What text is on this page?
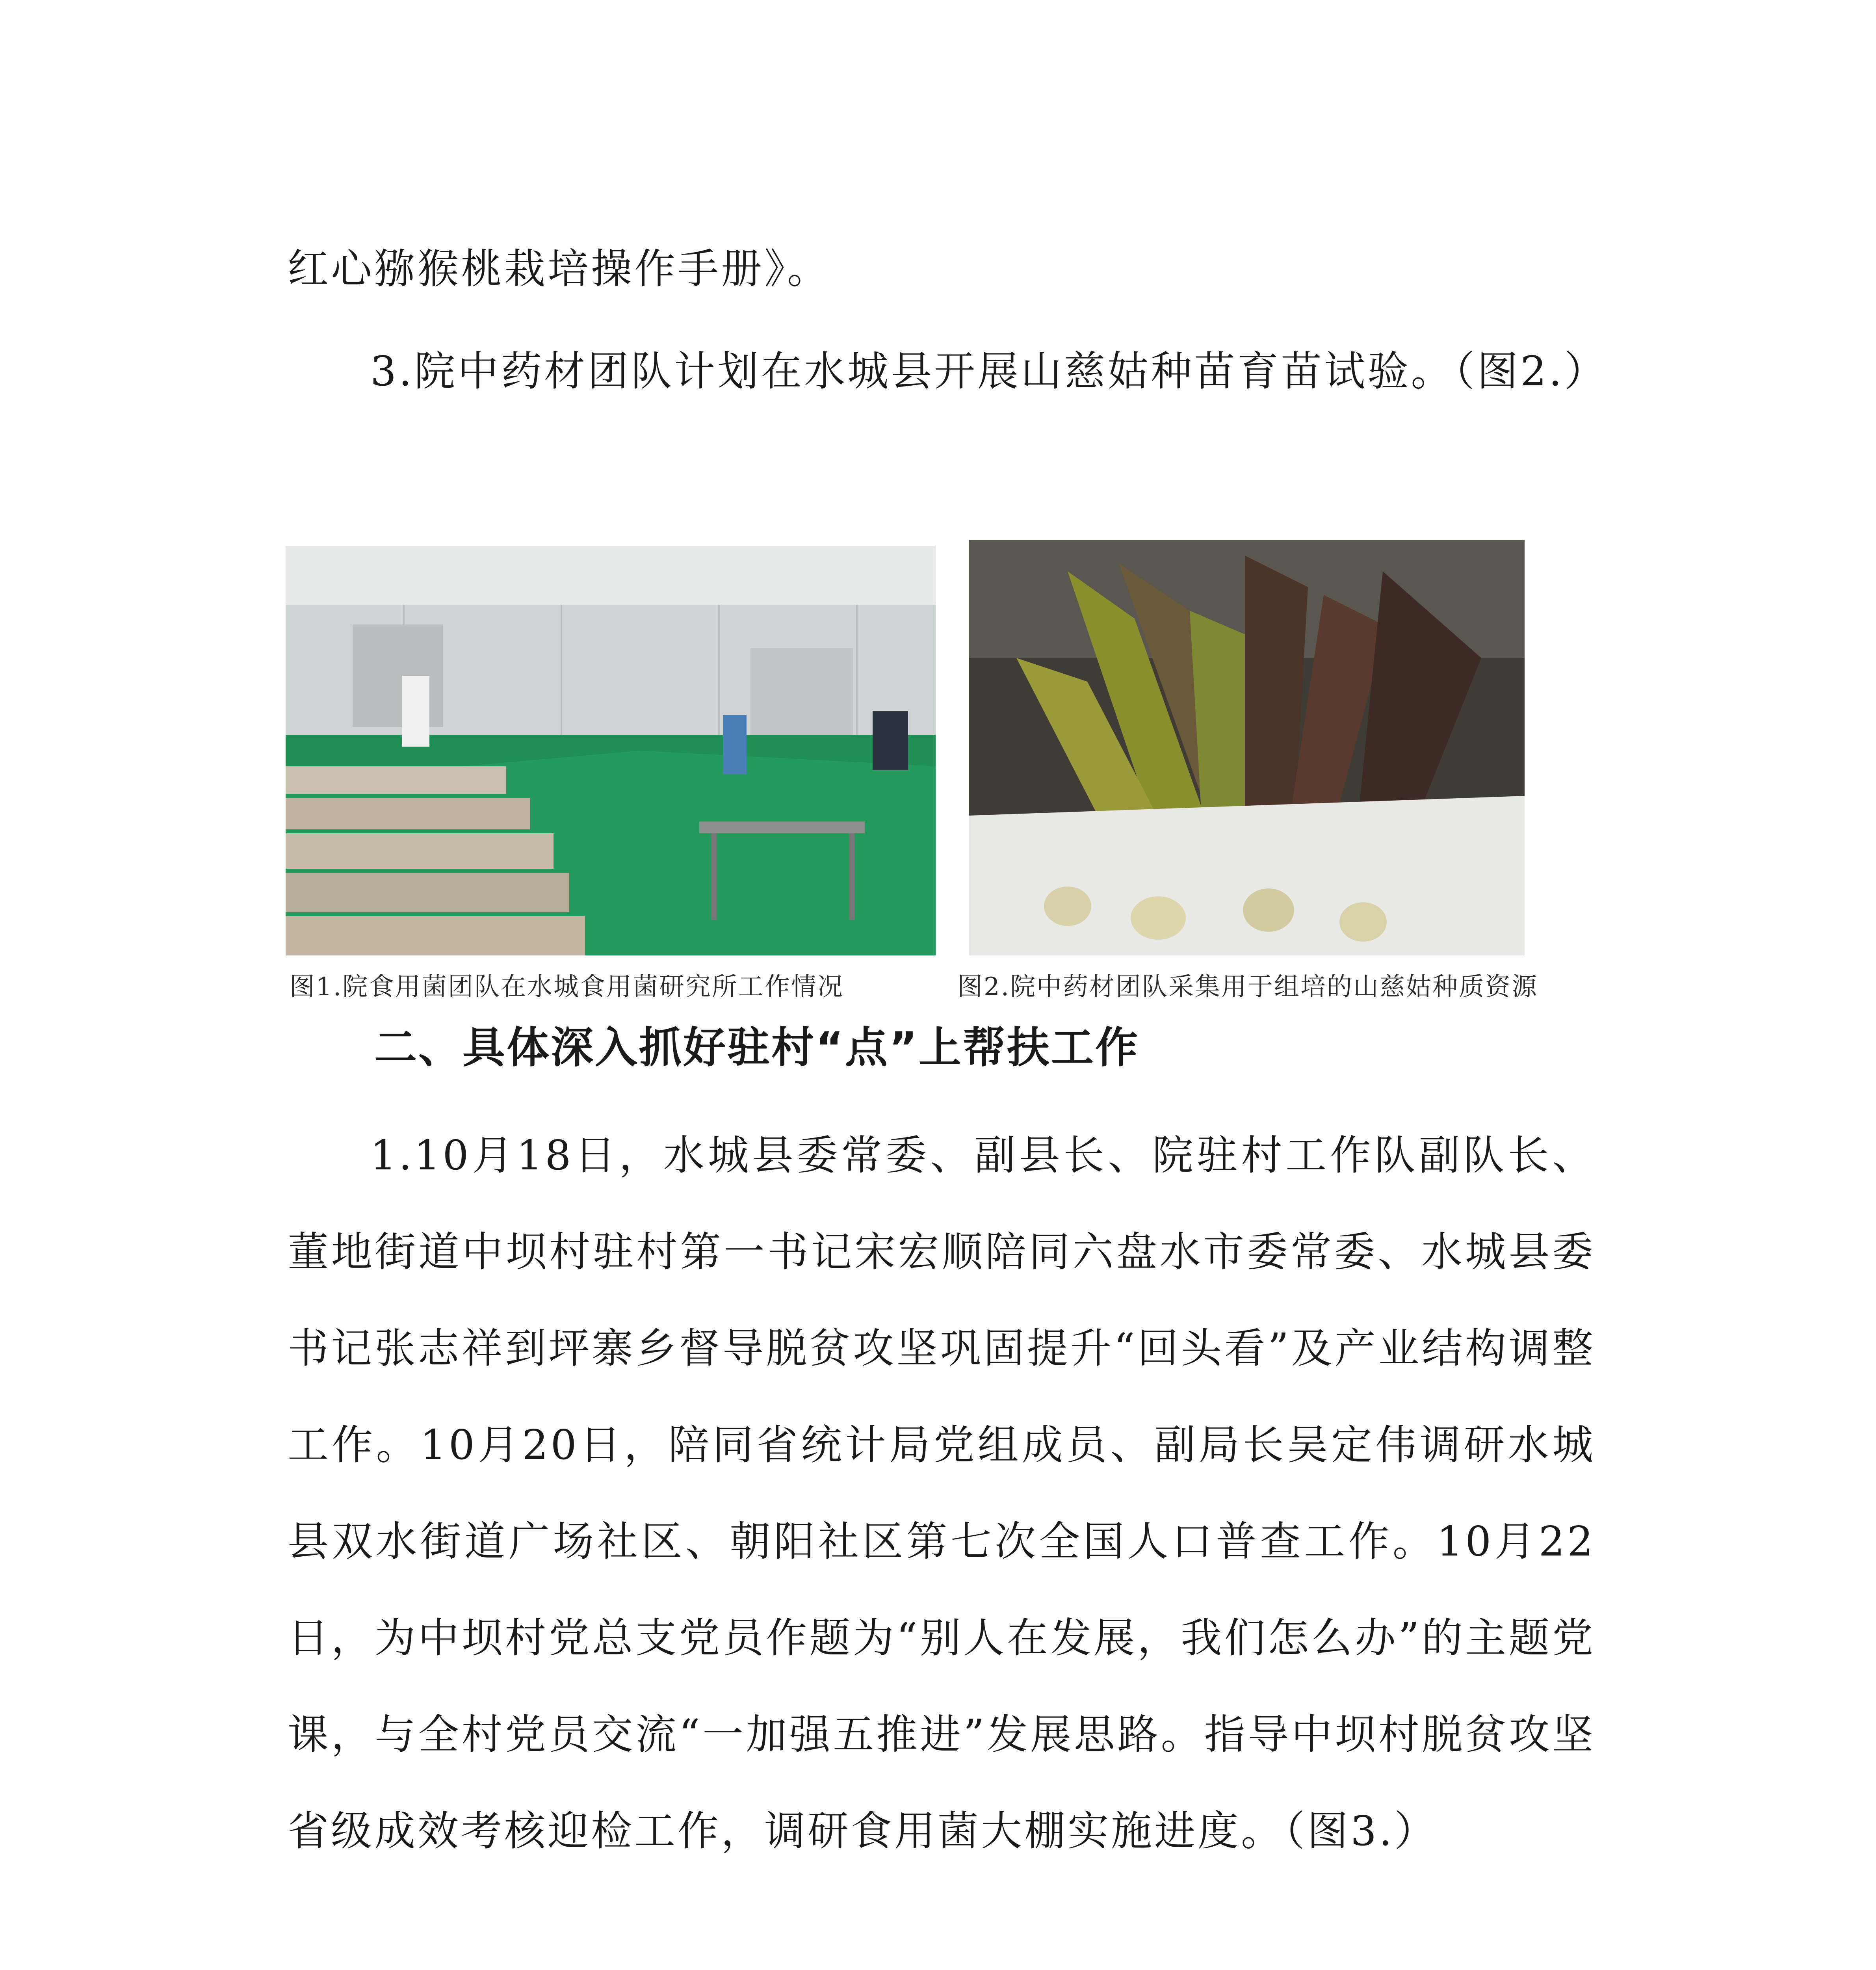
红心猕猴桃栽培操作手册》。

3.院中药材团队计划在水城县开展山慈姑种苗育苗试验。（图2.）

图1.院食用菌团队在水城食用菌研究所工作情况	图2.院中药材团队采集用于组培的山慈姑种质资源
二、具体深入抓好驻村“点”上帮扶工作

1.10月18日，水城县委常委、副县长、院驻村工作队副队长、董地街道中坝村驻村第一书记宋宏顺陪同六盘水市委常委、水城县委书记张志祥到坪寨乡督导脱贫攻坚巩固提升“回头看”及产业结构调整工作。10月20日，陪同省统计局党组成员、副局长吴定伟调研水城县双水街道广场社区、朝阳社区第七次全国人口普查工作。10月22日，为中坝村党总支党员作题为“别人在发展，我们怎么办”的主题党课，与全村党员交流“一加强五推进”发展思路。指导中坝村脱贫攻坚省级成效考核迎检工作，调研食用菌大棚实施进度。（图3.）
